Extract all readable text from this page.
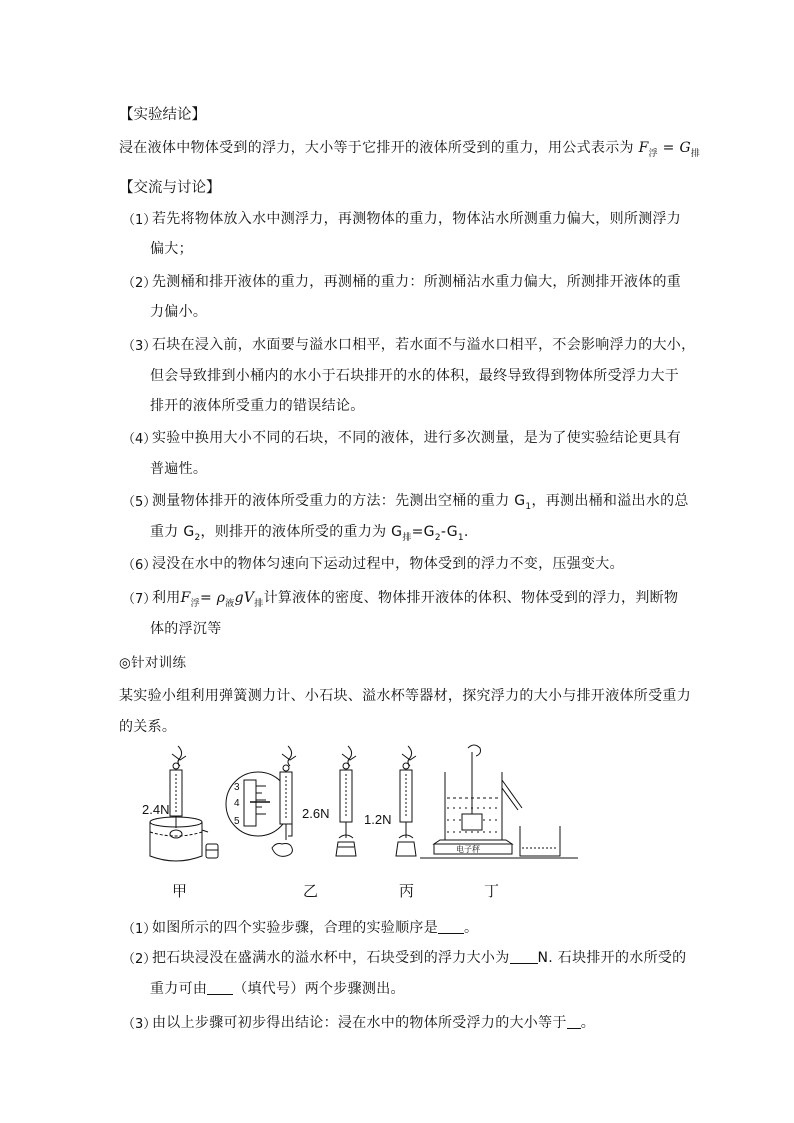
【实验结论】
浸在液体中物体受到的浮力，大小等于它排开的液体所受到的重力，用公式表示为 $F_浮 = G_排$
【交流与讨论】
（1）
若先将物体放入水中测浮力，再测物体的重力，物体沾水所测重力偏大，则所测浮力
偏大；
（2）
先测桶和排开液体的重力，再测桶的重力：所测桶沾水重力偏大，所测排开液体的重
力偏小。
（3）
石块在浸入前，水面要与溢水口相平，若水面不与溢水口相平，不会影响浮力的大小，
但会导致排到小桶内的水小于石块排开的水的体积，最终导致得到物体所受浮力大于
排开的液体所受重力的错误结论。
（4）
实验中换用大小不同的石块，不同的液体，进行多次测量，是为了使实验结论更具有
普遍性。
（5）
测量物体排开的液体所受重力的方法：先测出空桶的重力 $G_1$，再测出桶和溢出水的总
重力 $G_2$，则排开的液体所受的重力为 $G_排=G_2-G_1$.
（6）
浸没在水中的物体匀速向下运动过程中，物体受到的浮力不变，压强变大。
（7）
利用$F_浮= \rho_液gV_排$计算液体的密度、物体排开液体的体积、物体受到的浮力，判断物
体的浮沉等
◎针对训练
某实验小组利用弹簧测力计、小石块、溢水杯等器材，探究浮力的大小与排开液体所受重力
的关系。
2.4N
3
4
5
2.6N	1.2N
电子秤
甲	乙	丙	丁
（1）
如图所示的四个实验步骤，合理的实验顺序是 。
（2）
把石块浸没在盛满水的溢水杯中，石块受到的浮力大小为 N. 石块排开的水所受的
重力可由 （填代号）两个步骤测出。
（3）
由以上步骤可初步得出结论：浸在水中的物体所受浮力的大小等于 。
